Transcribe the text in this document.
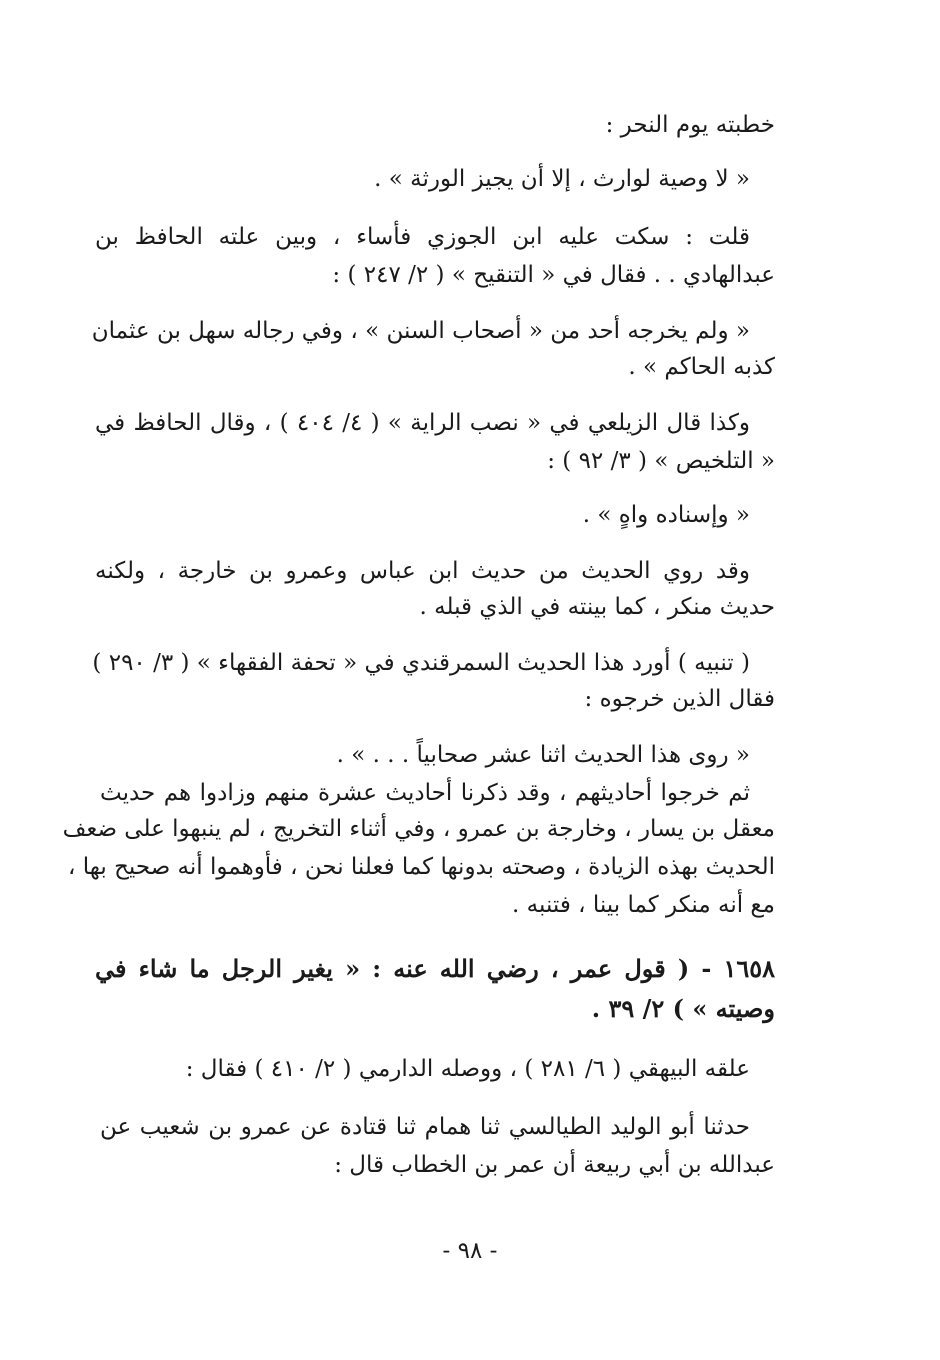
خطبته يوم النحر :

« لا وصية لوارث ، إلا أن يجيز الورثة » .

قلت : سكت عليه ابن الجوزي فأساء ، وبين علته الحافظ بن

عبدالهادي . . فقال في « التنقيح » ( ٢/ ٢٤٧ ) :

« ولم يخرجه أحد من « أصحاب السنن » ، وفي رجاله سهل بن عثمان

كذبه الحاكم » .

وكذا قال الزيلعي في « نصب الراية » ( ٤/ ٤٠٤ ) ، وقال الحافظ في

« التلخيص » ( ٣/ ٩٢ ) :

« وإسناده واهٍ » .

وقد روي الحديث من حديث ابن عباس وعمرو بن خارجة ، ولكنه

حديث منكر ، كما بينته في الذي قبله .

( تنبيه ) أورد هذا الحديث السمرقندي في « تحفة الفقهاء » ( ٣/ ٢٩٠ )

فقال الذين خرجوه :

« روى هذا الحديث اثنا عشر صحابياً . . . » .

ثم خرجوا أحاديثهم ، وقد ذكرنا أحاديث عشرة منهم وزادوا هم حديث

معقل بن يسار ، وخارجة بن عمرو ، وفي أثناء التخريج ، لم ينبهوا على ضعف

الحديث بهذه الزيادة ، وصحته بدونها كما فعلنا نحن ، فأوهموا أنه صحيح بها ،

مع أنه منكر كما بينا ، فتنبه .

١٦٥٨ - ( قول عمر ، رضي الله عنه : « يغير الرجل ما شاء في

وصيته » ) ٢/ ٣٩ .

علقه البيهقي ( ٦/ ٢٨١ ) ، ووصله الدارمي ( ٢/ ٤١٠ ) فقال :

حدثنا أبو الوليد الطيالسي ثنا همام ثنا قتادة عن عمرو بن شعيب عن

عبدالله بن أبي ربيعة أن عمر بن الخطاب قال :

- ٩٨ -
